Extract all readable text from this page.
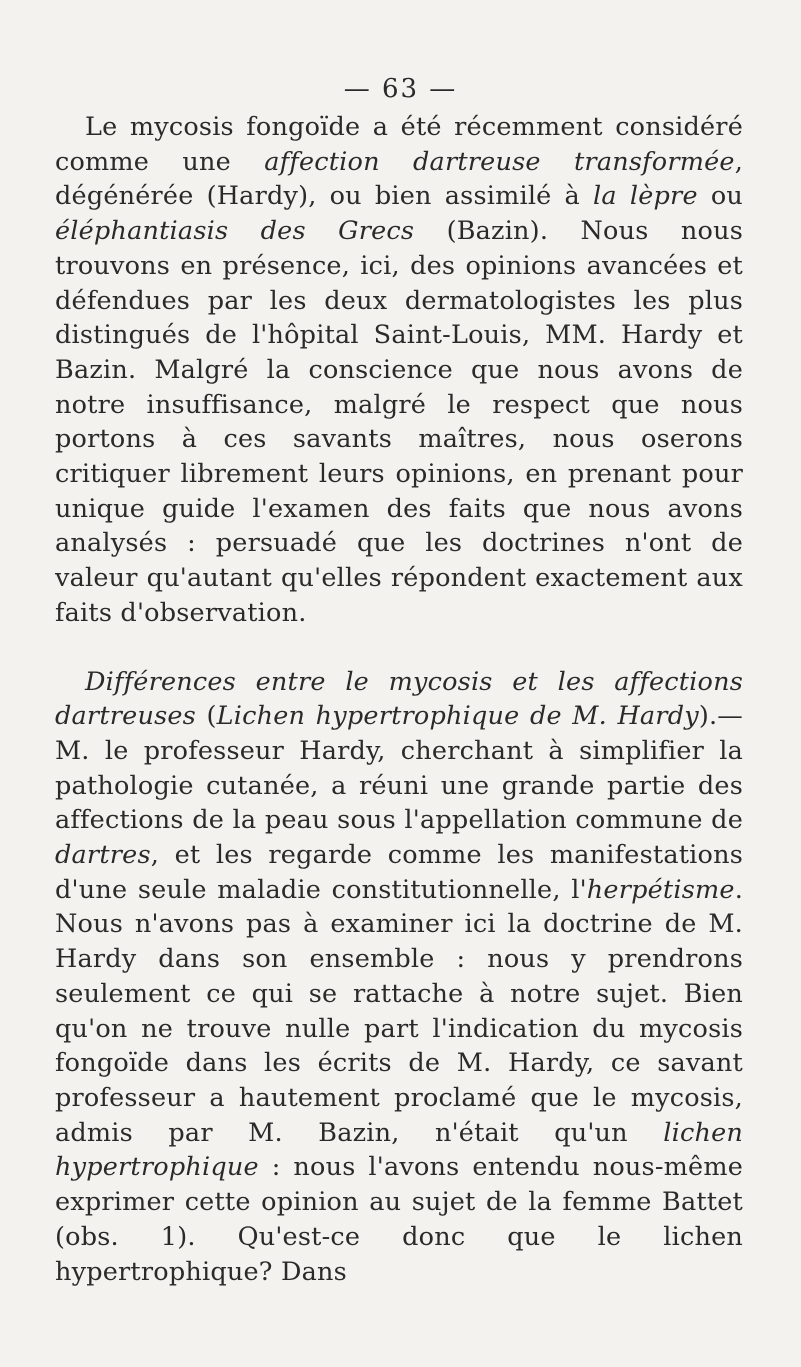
— 63 —

Le mycosis fongoïde a été récemment considéré comme une affection dartreuse transformée, dégénérée (Hardy), ou bien assimilé à la lèpre ou éléphantiasis des Grecs (Bazin). Nous nous trouvons en présence, ici, des opinions avancées et défendues par les deux dermatologistes les plus distingués de l'hôpital Saint-Louis, MM. Hardy et Bazin. Malgré la conscience que nous avons de notre insuffisance, malgré le respect que nous portons à ces savants maîtres, nous oserons critiquer librement leurs opinions, en prenant pour unique guide l'examen des faits que nous avons analysés : persuadé que les doctrines n'ont de valeur qu'autant qu'elles répondent exactement aux faits d'observation.

Différences entre le mycosis et les affections dartreuses (Lichen hypertrophique de M. Hardy).— M. le professeur Hardy, cherchant à simplifier la pathologie cutanée, a réuni une grande partie des affections de la peau sous l'appellation commune de dartres, et les regarde comme les manifestations d'une seule maladie constitutionnelle, l'herpétisme. Nous n'avons pas à examiner ici la doctrine de M. Hardy dans son ensemble : nous y prendrons seulement ce qui se rattache à notre sujet. Bien qu'on ne trouve nulle part l'indication du mycosis fongoïde dans les écrits de M. Hardy, ce savant professeur a hautement proclamé que le mycosis, admis par M. Bazin, n'était qu'un lichen hypertrophique : nous l'avons entendu nous-même exprimer cette opinion au sujet de la femme Battet (obs. 1). Qu'est-ce donc que le lichen hypertrophique? Dans
